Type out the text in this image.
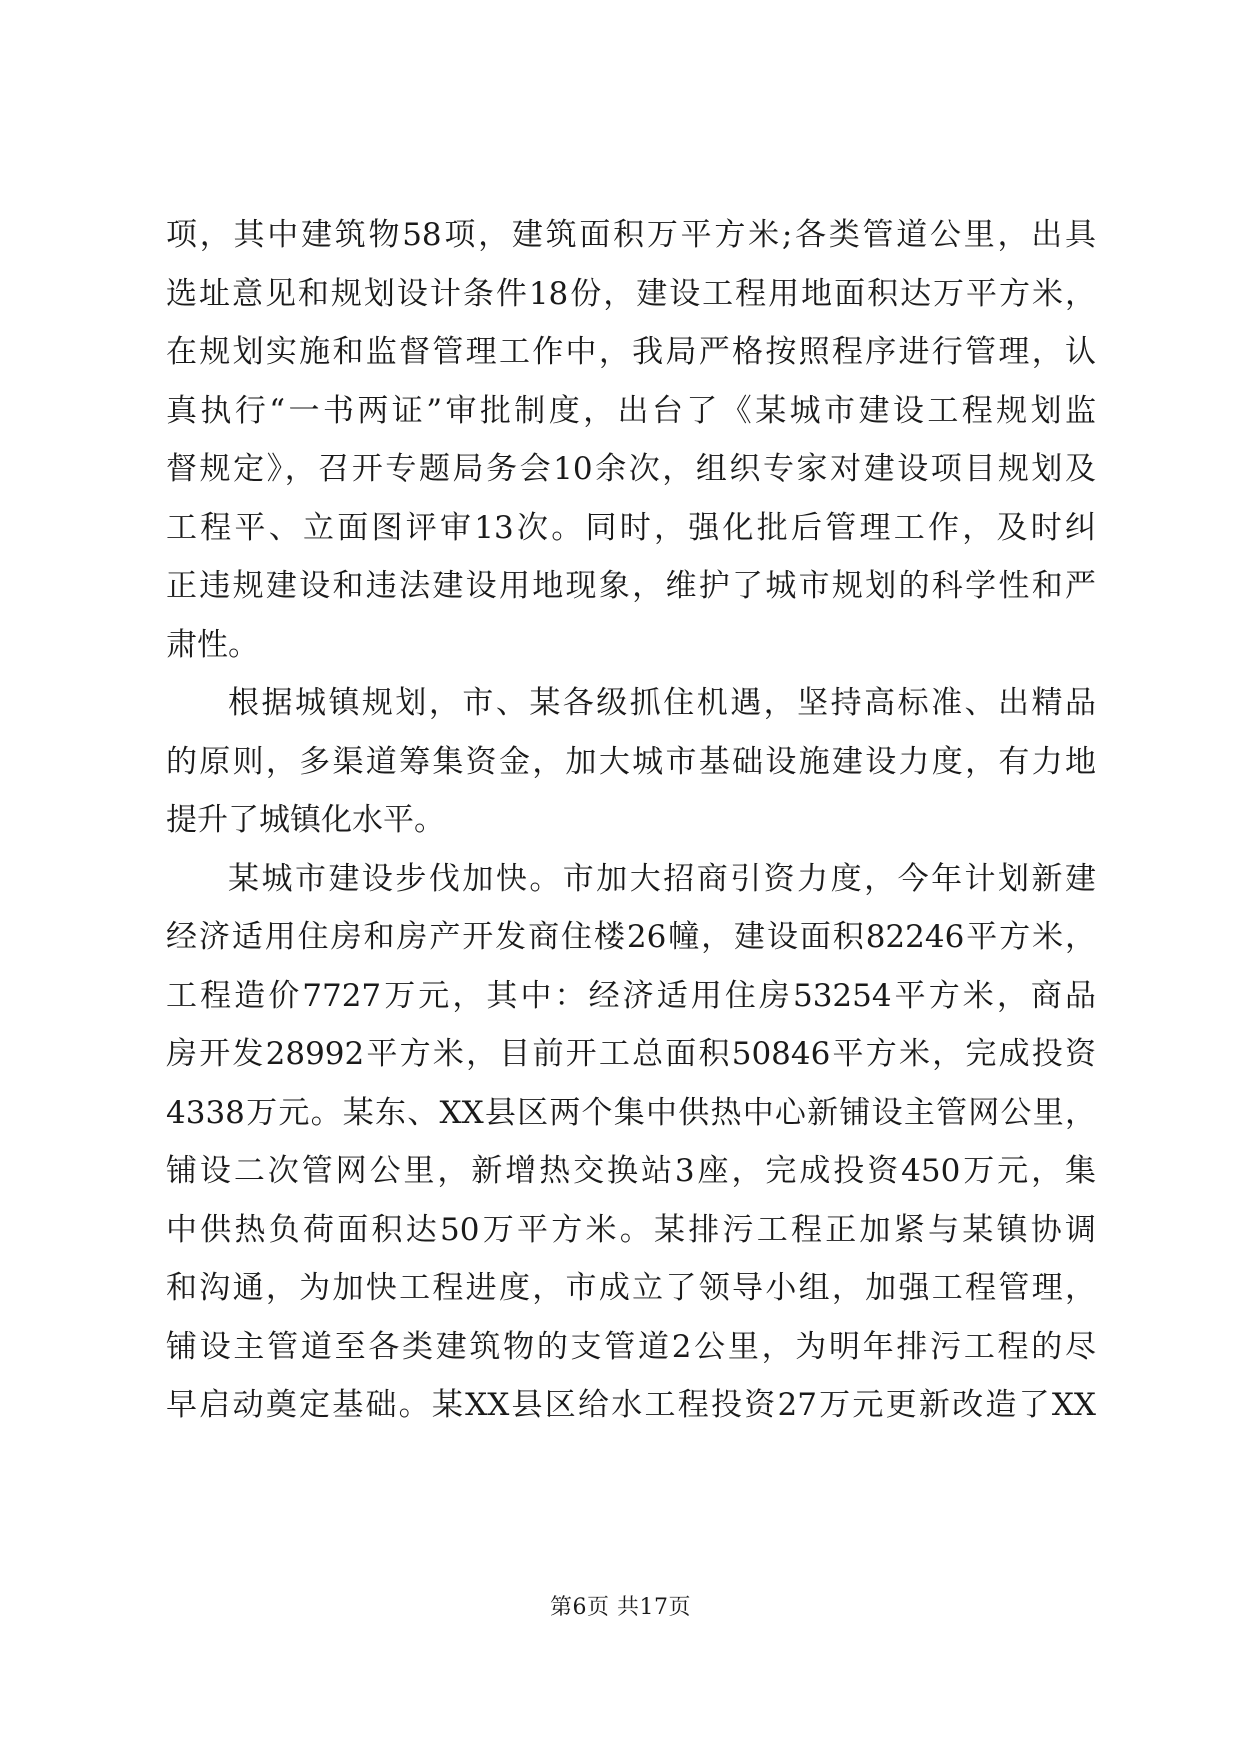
项，其中建筑物58项，建筑面积万平方米;各类管道公里，出具
选址意见和规划设计条件18份，建设工程用地面积达万平方米，
在规划实施和监督管理工作中，我局严格按照程序进行管理，认
真执行“一书两证”审批制度，出台了《某城市建设工程规划监
督规定》，召开专题局务会10余次，组织专家对建设项目规划及
工程平、立面图评审13次。同时，强化批后管理工作，及时纠
正违规建设和违法建设用地现象，维护了城市规划的科学性和严
肃性。
根据城镇规划，市、某各级抓住机遇，坚持高标准、出精品
的原则，多渠道筹集资金，加大城市基础设施建设力度，有力地
提升了城镇化水平。
某城市建设步伐加快。市加大招商引资力度，今年计划新建
经济适用住房和房产开发商住楼26幢，建设面积82246平方米，
工程造价7727万元，其中：经济适用住房53254平方米，商品
房开发28992平方米，目前开工总面积50846平方米，完成投资
4338万元。某东、XX县区两个集中供热中心新铺设主管网公里，
铺设二次管网公里，新增热交换站3座，完成投资450万元，集
中供热负荷面积达50万平方米。某排污工程正加紧与某镇协调
和沟通，为加快工程进度，市成立了领导小组，加强工程管理，
铺设主管道至各类建筑物的支管道2公里，为明年排污工程的尽
早启动奠定基础。某XX县区给水工程投资27万元更新改造了XX
第6页 共17页
